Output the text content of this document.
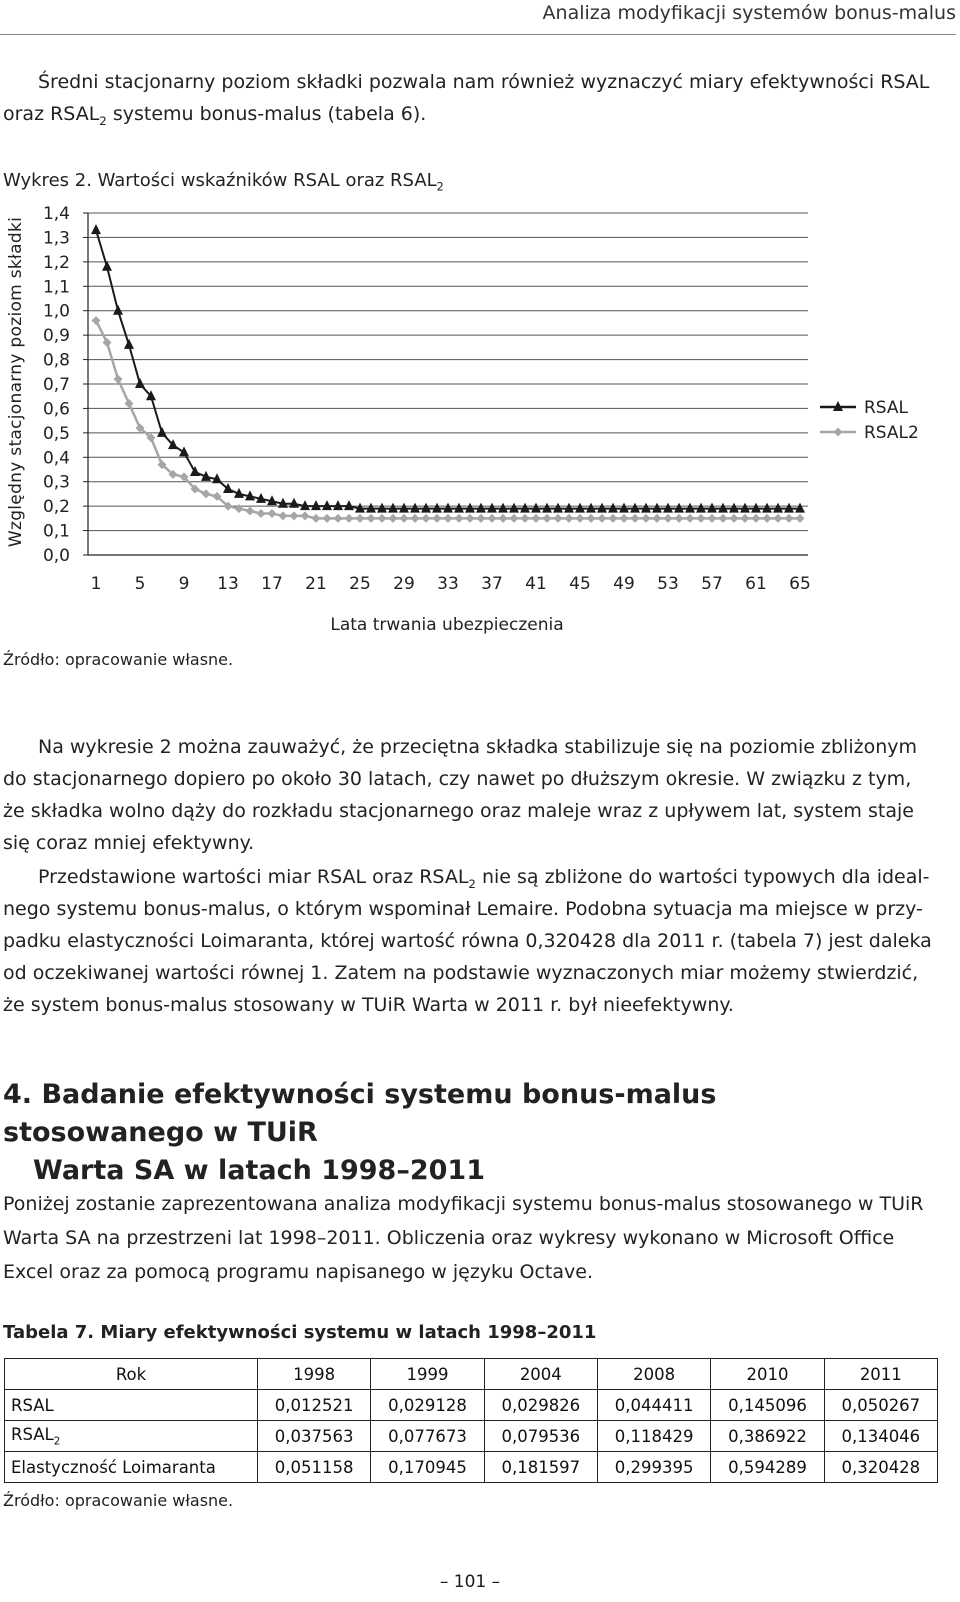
Analiza modyfikacji systemów bonus-malus

Średni stacjonarny poziom składki pozwala nam również wyznaczyć miary efektywności RSAL

oraz $RSAL_2$ systemu bonus-malus (tabela 6).

Wykres 2. Wartości wskaźników RSAL oraz $RSAL_2$
0,0
0,1
0,2
0,3
0,4
0,5
0,6
0,7
0,8
0,9
1,0
1,1
1,2
1,3
1,4
1 5 9 13 17 21 25 29 33 37 41 45 49 53 57 61 65
Lata trwania ubezpieczenia
RSAL
RSAL2
Względny stacjonarny poziom składki
Źródło: opracowanie własne.

Na wykresie 2 można zauważyć, że przeciętna składka stabilizuje się na poziomie zbliżonym

do stacjonarnego dopiero po około 30 latach, czy nawet po dłuższym okresie. W związku z tym,

że składka wolno dąży do rozkładu stacjonarnego oraz maleje wraz z upływem lat, system staje

się coraz mniej efektywny.

Przedstawione wartości miar RSAL oraz $RSAL_2$ nie są zbliżone do wartości typowych dla ideal-

nego systemu bonus-malus, o którym wspominał Lemaire. Podobna sytuacja ma miejsce w przy-

padku elastyczności Loimaranta, której wartość równa 0,320428 dla 2011 r. (tabela 7) jest daleka

od oczekiwanej wartości równej 1. Zatem na podstawie wyznaczonych miar możemy stwierdzić,

że system bonus-malus stosowany w TUiR Warta w 2011 r. był nieefektywny.

4. Badanie efektywności systemu bonus-malus stosowanego w TUiR
Warta SA w latach 1998–2011

Poniżej zostanie zaprezentowana analiza modyfikacji systemu bonus-malus stosowanego w TUiR

Warta SA na przestrzeni lat 1998–2011. Obliczenia oraz wykresy wykonano w Microsoft Office

Excel oraz za pomocą programu napisanego w języku Octave.

Tabela 7. Miary efektywności systemu w latach 1998–2011
Rok	1998	1999	2004	2008	2010	2011
RSAL	0,012521	0,029128	0,029826	0,044411	0,145096	0,050267
$RSAL_2$	0,037563	0,077673	0,079536	0,118429	0,386922	0,134046
Elastyczność Loimaranta	0,051158	0,170945	0,181597	0,299395	0,594289	0,320428
Źródło: opracowanie własne.
– 101 –
